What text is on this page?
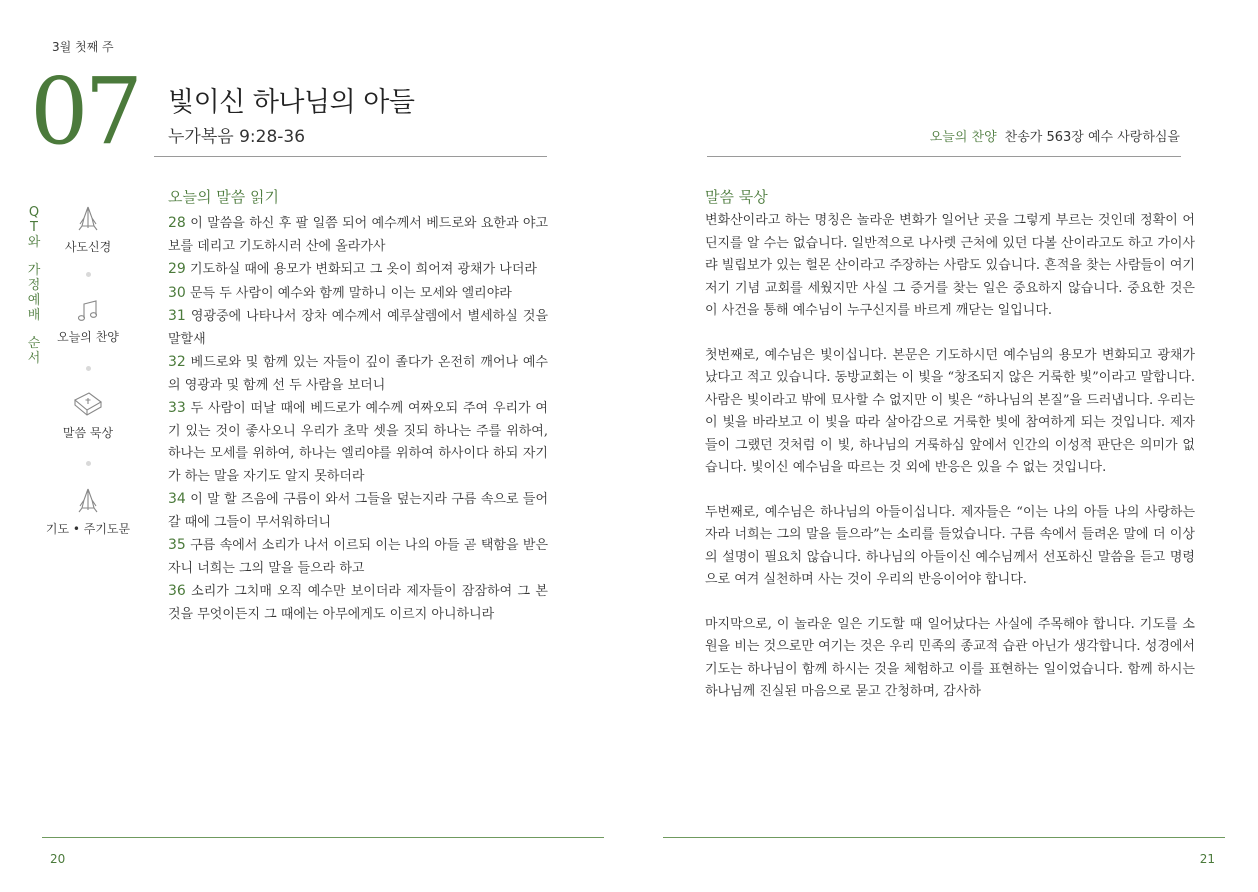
3월 첫째 주
07 빛이신 하나님의 아들
누가복음 9:28-36
Q
T
와
가
정
예
배
순
서
사도신경
오늘의 찬양
말씀 묵상
기도 • 주기도문
오늘의 말씀 읽기
28 이 말씀을 하신 후 팔 일쯤 되어 예수께서 베드로와 요한과 야고보를 데리고 기도하시러 산에 올라가사
29 기도하실 때에 용모가 변화되고 그 옷이 희어져 광채가 나더라
30 문득 두 사람이 예수와 함께 말하니 이는 모세와 엘리야라
31 영광중에 나타나서 장차 예수께서 예루살렘에서 별세하실 것을 말할새
32 베드로와 및 함께 있는 자들이 깊이 졸다가 온전히 깨어나 예수의 영광과 및 함께 선 두 사람을 보더니
33 두 사람이 떠날 때에 베드로가 예수께 여짜오되 주여 우리가 여기 있는 것이 좋사오니 우리가 초막 셋을 짓되 하나는 주를 위하여, 하나는 모세를 위하여, 하나는 엘리야를 위하여 하사이다 하되 자기가 하는 말을 자기도 알지 못하더라
34 이 말 할 즈음에 구름이 와서 그들을 덮는지라 구름 속으로 들어갈 때에 그들이 무서워하더니
35 구름 속에서 소리가 나서 이르되 이는 나의 아들 곧 택함을 받은 자니 너희는 그의 말을 들으라 하고
36 소리가 그치매 오직 예수만 보이더라 제자들이 잠잠하여 그 본 것을 무엇이든지 그 때에는 아무에게도 이르지 아니하니라
오늘의 찬양 찬송가 563장 예수 사랑하심을
말씀 묵상

변화산이라고 하는 명칭은 놀라운 변화가 일어난 곳을 그렇게 부르는 것인데 정확이 어딘지를 알 수는 없습니다. 일반적으로 나사렛 근처에 있던 다볼 산이라고도 하고 가이사랴 빌립보가 있는 헐몬 산이라고 주장하는 사람도 있습니다. 흔적을 찾는 사람들이 여기저기 기념 교회를 세웠지만 사실 그 증거를 찾는 일은 중요하지 않습니다. 중요한 것은 이 사건을 통해 예수님이 누구신지를 바르게 깨닫는 일입니다.

첫번째로, 예수님은 빛이십니다. 본문은 기도하시던 예수님의 용모가 변화되고 광채가 났다고 적고 있습니다. 동방교회는 이 빛을 “창조되지 않은 거룩한 빛”이라고 말합니다. 사람은 빛이라고 밖에 묘사할 수 없지만 이 빛은 “하나님의 본질”을 드러냅니다. 우리는 이 빛을 바라보고 이 빛을 따라 살아감으로 거룩한 빛에 참여하게 되는 것입니다. 제자들이 그랬던 것처럼 이 빛, 하나님의 거룩하심 앞에서 인간의 이성적 판단은 의미가 없습니다. 빛이신 예수님을 따르는 것 외에 반응은 있을 수 없는 것입니다.

두번째로, 예수님은 하나님의 아들이십니다. 제자들은 “이는 나의 아들 나의 사랑하는 자라 너희는 그의 말을 들으라”는 소리를 들었습니다. 구름 속에서 들려온 말에 더 이상의 설명이 필요치 않습니다. 하나님의 아들이신 예수님께서 선포하신 말씀을 듣고 명령으로 여겨 실천하며 사는 것이 우리의 반응이어야 합니다.

마지막으로, 이 놀라운 일은 기도할 때 일어났다는 사실에 주목해야 합니다. 기도를 소원을 비는 것으로만 여기는 것은 우리 민족의 종교적 습관 아닌가 생각합니다. 성경에서 기도는 하나님이 함께 하시는 것을 체험하고 이를 표현하는 일이었습니다. 함께 하시는 하나님께 진실된 마음으로 묻고 간청하며, 감사하

20	21
